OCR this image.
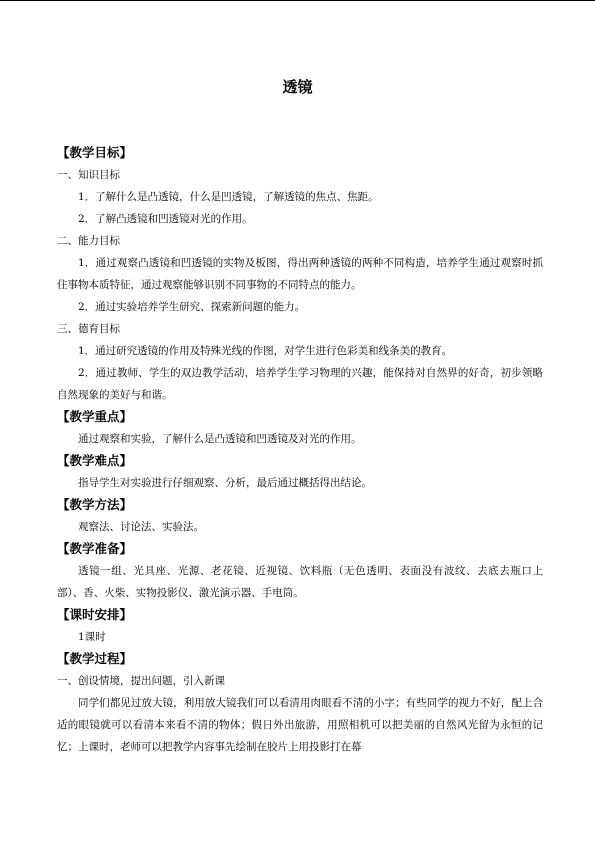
透镜
【教学目标】
一、知识目标
1．了解什么是凸透镜，什么是凹透镜，了解透镜的焦点、焦距。
2．了解凸透镜和凹透镜对光的作用。
二、能力目标
1．通过观察凸透镜和凹透镜的实物及板图，得出两种透镜的两种不同构造，培养学生通过观察时抓住事物本质特征，通过观察能够识别不同事物的不同特点的能力。
2．通过实验培养学生研究、探索新问题的能力。
三、德育目标
1．通过研究透镜的作用及特殊光线的作图，对学生进行色彩美和线条美的教育。
2．通过教师、学生的双边教学活动，培养学生学习物理的兴趣，能保持对自然界的好奇，初步领略自然现象的美好与和谐。
【教学重点】
通过观察和实验，了解什么是凸透镜和凹透镜及对光的作用。
【教学难点】
指导学生对实验进行仔细观察、分析，最后通过概括得出结论。
【教学方法】
观察法、讨论法、实验法。
【教学准备】
透镜一组、光具座、光源、老花镜、近视镜、饮料瓶（无色透明、表面没有波纹、去底去瓶口上部）、香、火柴、实物投影仪、激光演示器、手电筒。
【课时安排】
1课时
【教学过程】
一、创设情境，提出问题，引入新课
同学们都见过放大镜，利用放大镜我们可以看清用肉眼看不清的小字；有些同学的视力不好，配上合适的眼镜就可以看清本来看不清的物体；假日外出旅游，用照相机可以把美丽的自然风光留为永恒的记忆；上课时，老师可以把教学内容事先绘制在胶片上用投影打在幕
